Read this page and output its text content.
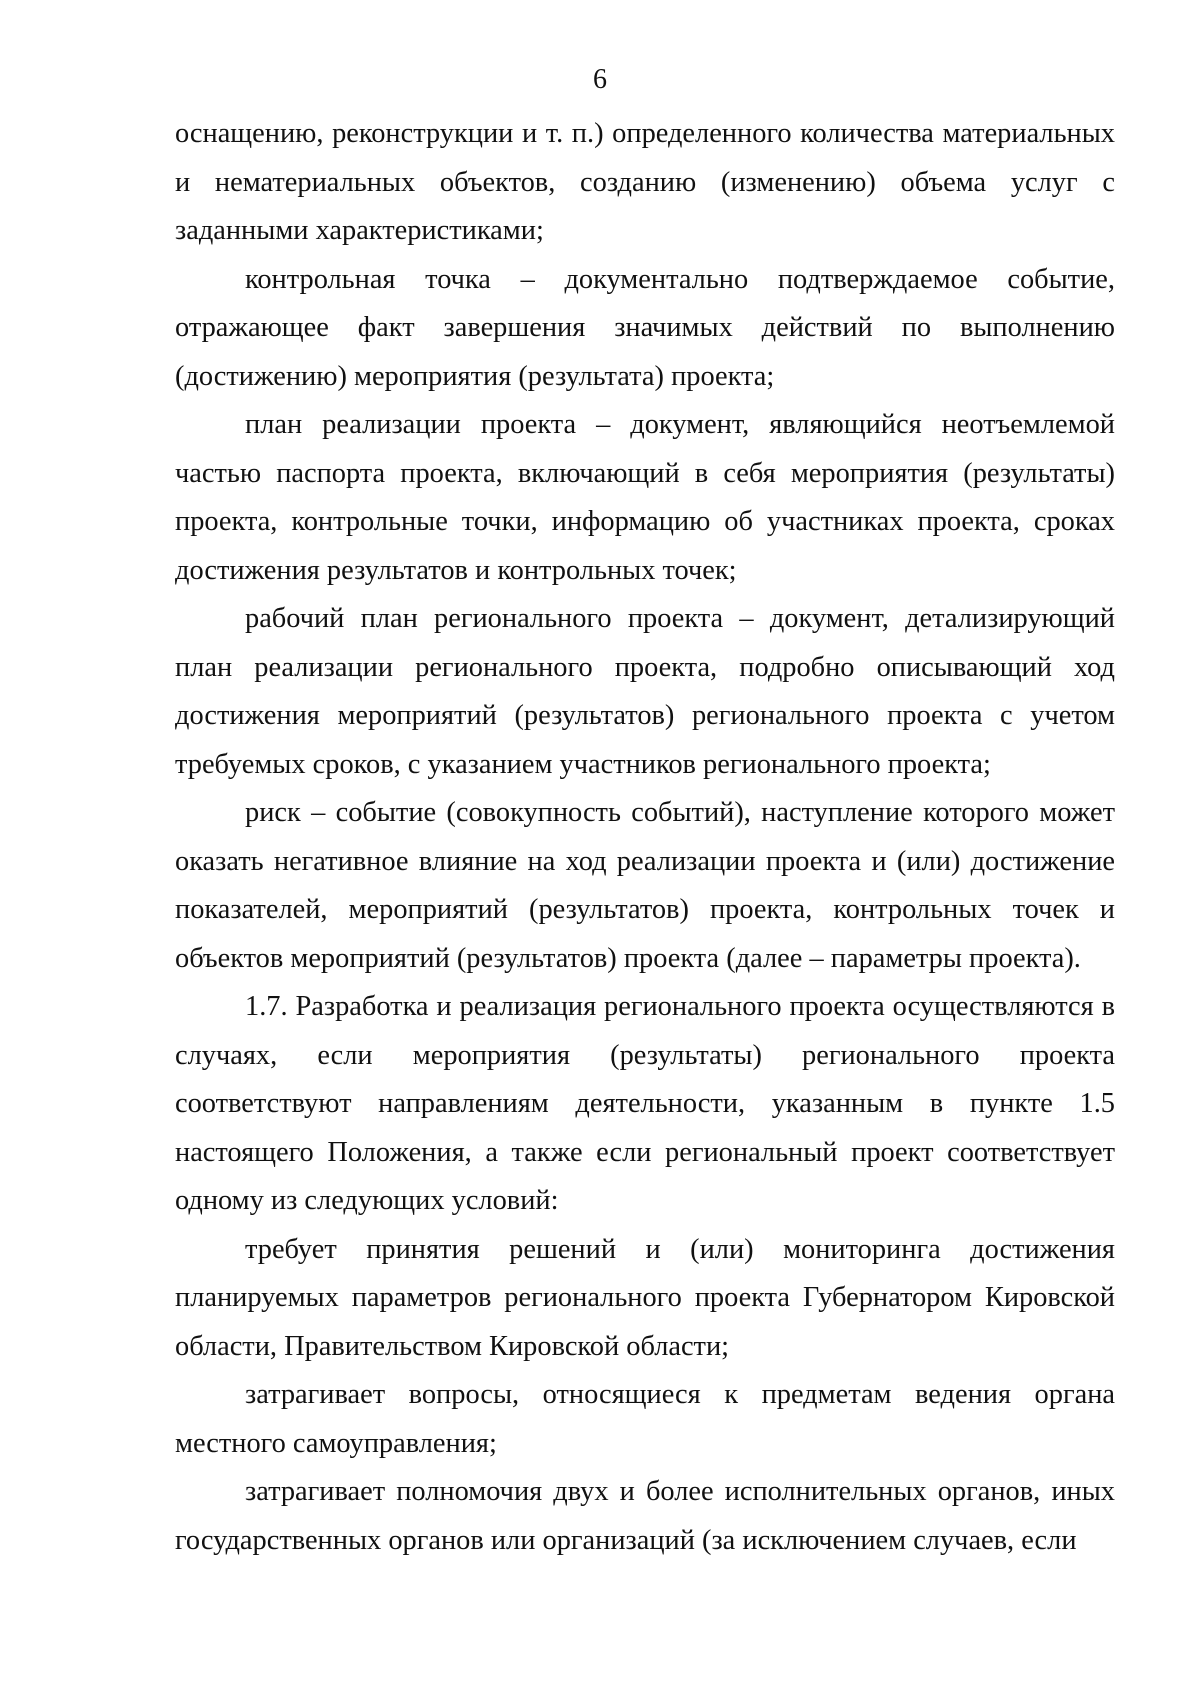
6

оснащению, реконструкции и т. п.) определенного количества материальных и нематериальных объектов, созданию (изменению) объема услуг с заданными характеристиками;

контрольная точка – документально подтверждаемое событие, отражающее факт завершения значимых действий по выполнению (достижению) мероприятия (результата) проекта;

план реализации проекта – документ, являющийся неотъемлемой частью паспорта проекта, включающий в себя мероприятия (результаты) проекта, контрольные точки, информацию об участниках проекта, сроках достижения результатов и контрольных точек;

рабочий план регионального проекта – документ, детализирующий план реализации регионального проекта, подробно описывающий ход достижения мероприятий (результатов) регионального проекта с учетом требуемых сроков, с указанием участников регионального проекта;

риск – событие (совокупность событий), наступление которого может оказать негативное влияние на ход реализации проекта и (или) достижение показателей, мероприятий (результатов) проекта, контрольных точек и объектов мероприятий (результатов) проекта (далее – параметры проекта).

1.7. Разработка и реализация регионального проекта осуществляются в случаях, если мероприятия (результаты) регионального проекта соответствуют направлениям деятельности, указанным в пункте 1.5 настоящего Положения, а также если региональный проект соответствует одному из следующих условий:

требует принятия решений и (или) мониторинга достижения планируемых параметров регионального проекта Губернатором Кировской области, Правительством Кировской области;

затрагивает вопросы, относящиеся к предметам ведения органа местного самоуправления;

затрагивает полномочия двух и более исполнительных органов, иных государственных органов или организаций (за исключением случаев, если
